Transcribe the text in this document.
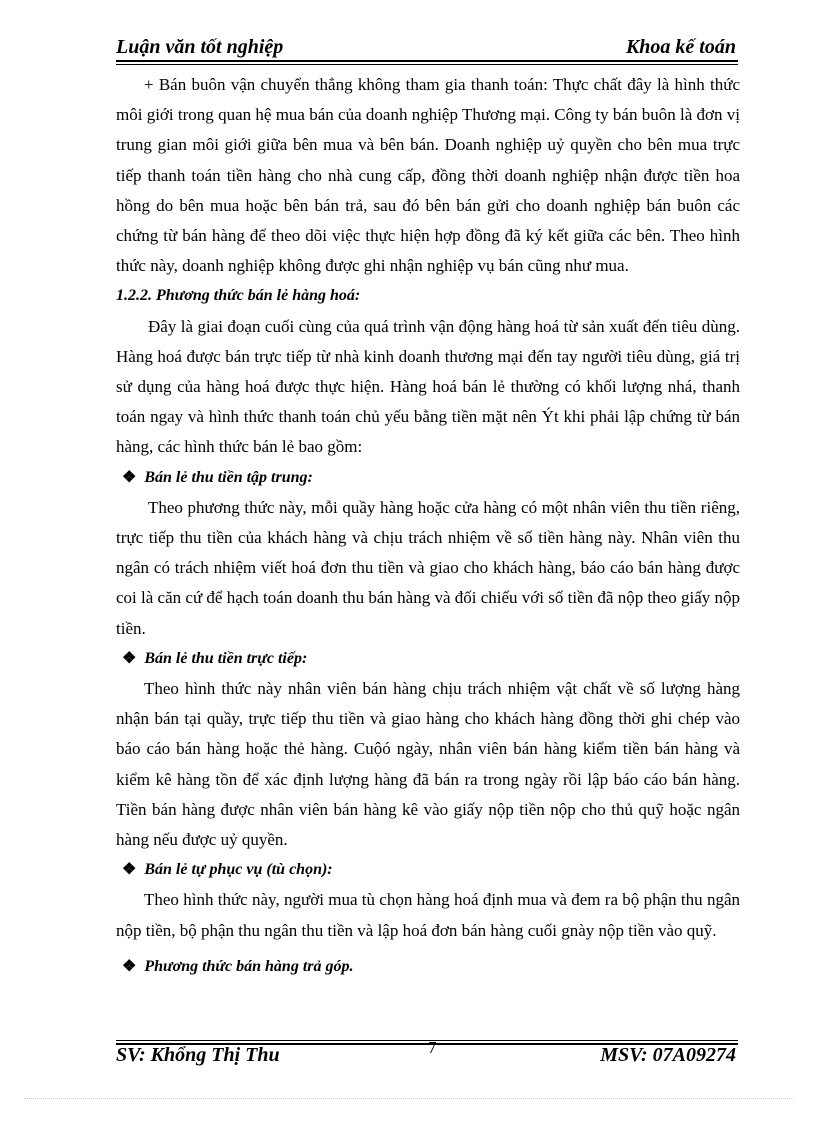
Luận văn tốt nghiệp	Khoa kế toán

+ Bán buôn vận chuyển thẳng không tham gia thanh toán: Thực chất đây là hình thức môi giới trong quan hệ mua bán của doanh nghiệp Thương mại. Công ty bán buôn là đơn vị trung gian môi giới giữa bên mua và bên bán. Doanh nghiệp uỷ quyền cho bên mua trực tiếp thanh toán tiền hàng cho nhà cung cấp, đồng thời doanh nghiệp nhận được tiền hoa hồng do bên mua hoặc bên bán trả, sau đó bên bán gửi cho doanh nghiệp bán buôn các chứng từ bán hàng để theo dõi việc thực hiện hợp đồng đã ký kết giữa các bên. Theo hình thức này, doanh nghiệp không được ghi nhận nghiệp vụ bán cũng như mua.

1.2.2. Phương thức bán lẻ hàng hoá:

Đây là giai đoạn cuối cùng của quá trình vận động hàng hoá từ sản xuất đến tiêu dùng. Hàng hoá được bán trực tiếp từ nhà kinh doanh thương mại đến tay người tiêu dùng, giá trị sử dụng của hàng hoá được thực hiện. Hàng hoá bán lẻ thường có khối lượng nhá, thanh toán ngay và hình thức thanh toán chủ yếu bằng tiền mặt nên Ýt khi phải lập chứng từ bán hàng, các hình thức bán lẻ bao gồm:

❖ Bán lẻ thu tiền tập trung:

Theo phương thức này, mỗi quầy hàng hoặc cửa hàng có một nhân viên thu tiền riêng, trực tiếp thu tiền của khách hàng và chịu trách nhiệm về số tiền hàng này. Nhân viên thu ngân có trách nhiệm viết hoá đơn thu tiền và giao cho khách hàng, báo cáo bán hàng được coi là căn cứ để hạch toán doanh thu bán hàng và đối chiếu với số tiền đã nộp theo giấy nộp tiền.

❖ Bán lẻ thu tiền trực tiếp:

Theo hình thức này nhân viên bán hàng chịu trách nhiệm vật chất về số lượng hàng nhận bán tại quầy, trực tiếp thu tiền và giao hàng cho khách hàng đồng thời ghi chép vào báo cáo bán hàng hoặc thẻ hàng. Cuộó ngày, nhân viên bán hàng kiểm tiền bán hàng và kiểm kê hàng tồn để xác định lượng hàng đã bán ra trong ngày rồi lập báo cáo bán hàng. Tiền bán hàng được nhân viên bán hàng kê vào giấy nộp tiền nộp cho thủ quỹ hoặc ngân hàng nếu được uỷ quyền.

❖ Bán lẻ tự phục vụ (tù chọn):

Theo hình thức này, người mua tù chọn hàng hoá định mua và đem ra bộ phận thu ngân nộp tiền, bộ phận thu ngân thu tiền và lập hoá đơn bán hàng cuối gnày nộp tiền vào quỹ.

❖ Phương thức bán hàng trả góp.

SV: Khổng Thị Thu	7	MSV: 07A09274
